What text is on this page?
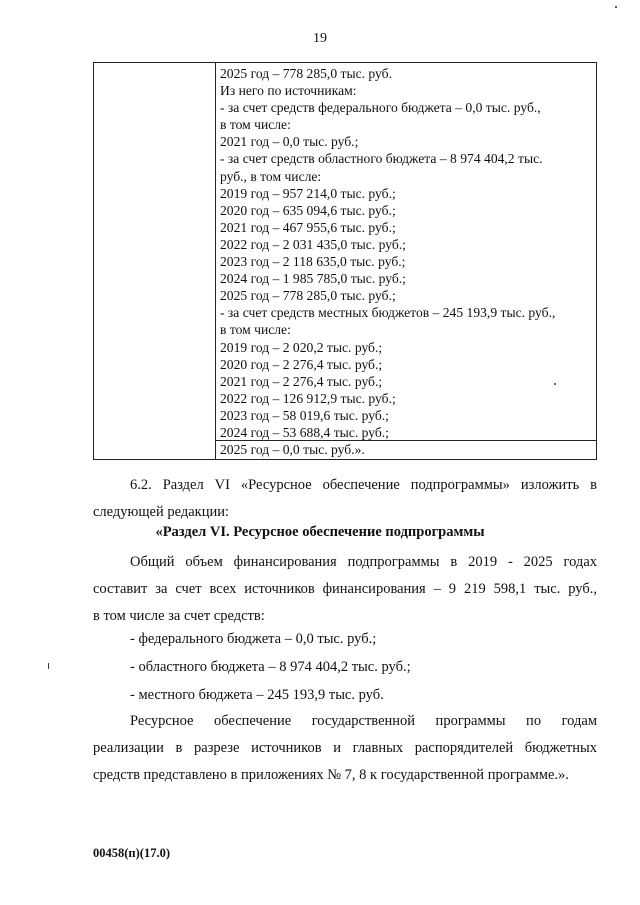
19
2025 год – 778 285,0 тыс. руб.
Из него по источникам:
- за счет средств федерального бюджета – 0,0 тыс. руб.,
в том числе:
2021 год – 0,0 тыс. руб.;
- за счет средств областного бюджета – 8 974 404,2 тыс.
руб., в том числе:
2019 год – 957 214,0 тыс. руб.;
2020 год – 635 094,6 тыс. руб.;
2021 год – 467 955,6 тыс. руб.;
2022 год – 2 031 435,0 тыс. руб.;
2023 год – 2 118 635,0 тыс. руб.;
2024 год – 1 985 785,0 тыс. руб.;
2025 год – 778 285,0 тыс. руб.;
- за счет средств местных бюджетов – 245 193,9 тыс. руб.,
в том числе:
2019 год – 2 020,2 тыс. руб.;
2020 год – 2 276,4 тыс. руб.;
2021 год – 2 276,4 тыс. руб.;
2022 год – 126 912,9 тыс. руб.;
2023 год – 58 019,6 тыс. руб.;
2024 год – 53 688,4 тыс. руб.;
2025 год – 0,0 тыс. руб.».
6.2. Раздел VI «Ресурсное обеспечение подпрограммы» изложить в
следующей редакции:
«Раздел VI. Ресурсное обеспечение подпрограммы
Общий объем финансирования подпрограммы в 2019 - 2025 годах
составит за счет всех источников финансирования – 9 219 598,1 тыс. руб.,
в том числе за счет средств:
- федерального бюджета – 0,0 тыс. руб.;
- областного бюджета – 8 974 404,2 тыс. руб.;
- местного бюджета – 245 193,9 тыс. руб.
Ресурсное обеспечение государственной программы по годам
реализации в разрезе источников и главных распорядителей бюджетных
средств представлено в приложениях № 7, 8 к государственной программе.».
00458(п)(17.0)
